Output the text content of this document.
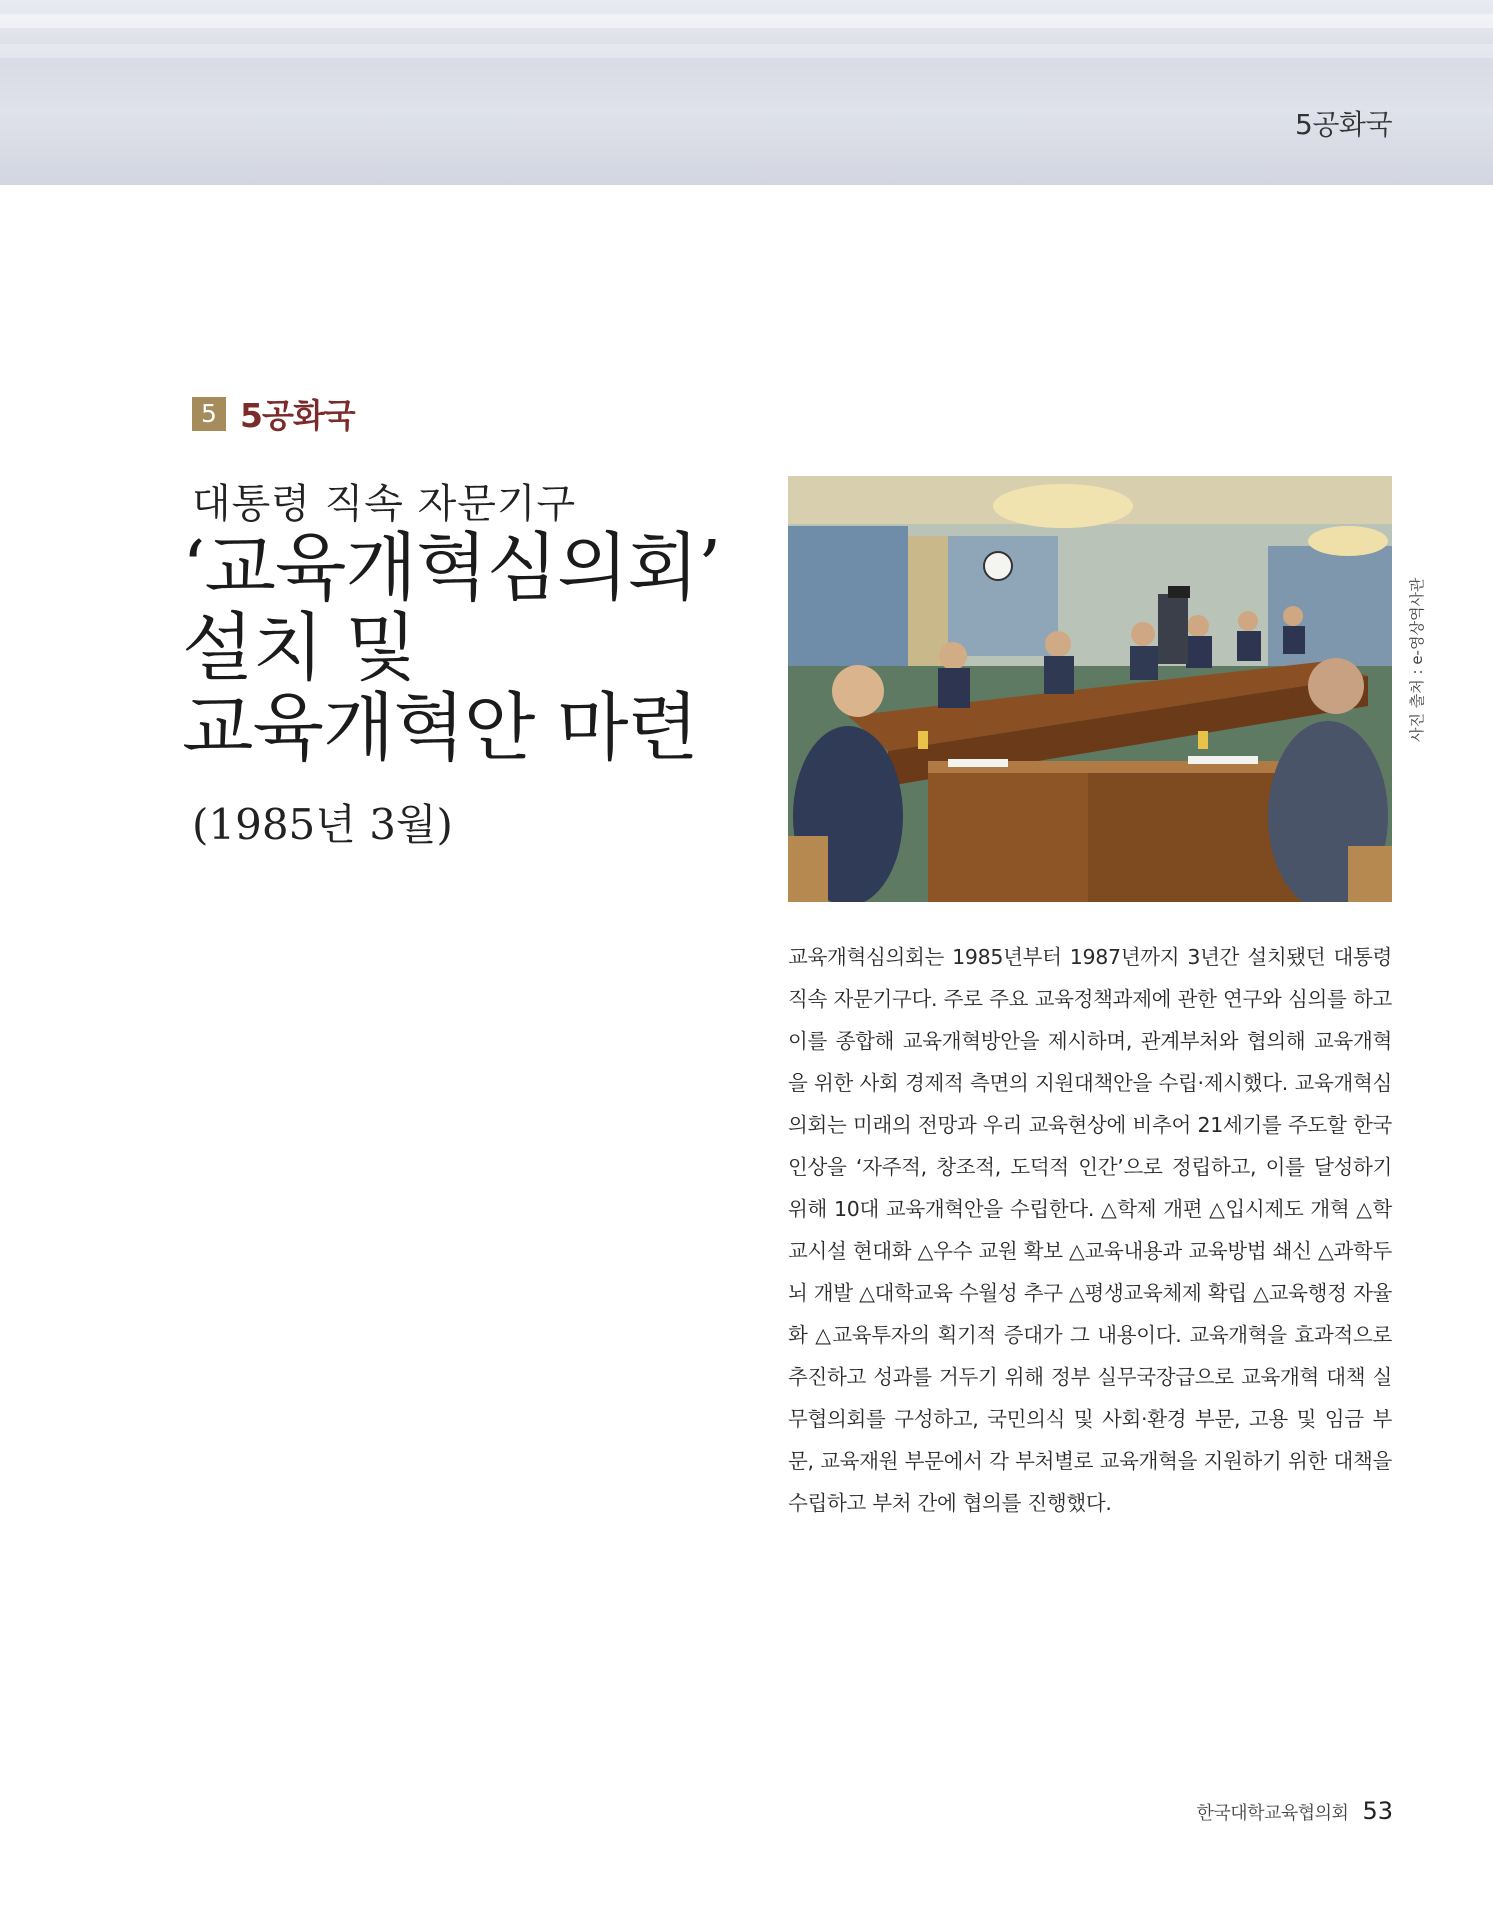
5공화국
5 5공화국
대통령 직속 자문기구
‘교육개혁심의회’
설치 및
교육개혁안 마련
(1985년 3월)
사진 출처 : e-영상역사관
교육개혁심의회는 1985년부터 1987년까지 3년간 설치됐던 대통령 직속 자문기구다. 주로 주요 교육정책과제에 관한 연구와 심의를 하고 이를 종합해 교육개혁방안을 제시하며, 관계부처와 협의해 교육개혁을 위한 사회 경제적 측면의 지원대책안을 수립·제시했다. 교육개혁심의회는 미래의 전망과 우리 교육현상에 비추어 21세기를 주도할 한국인상을 ‘자주적, 창조적, 도덕적 인간’으로 정립하고, 이를 달성하기 위해 10대 교육개혁안을 수립한다. △학제 개편 △입시제도 개혁 △학교시설 현대화 △우수 교원 확보 △교육내용과 교육방법 쇄신 △과학두뇌 개발 △대학교육 수월성 추구 △평생교육체제 확립 △교육행정 자율화 △교육투자의 획기적 증대가 그 내용이다. 교육개혁을 효과적으로 추진하고 성과를 거두기 위해 정부 실무국장급으로 교육개혁 대책 실무협의회를 구성하고, 국민의식 및 사회·환경 부문, 고용 및 임금 부문, 교육재원 부문에서 각 부처별로 교육개혁을 지원하기 위한 대책을 수립하고 부처 간에 협의를 진행했다.
한국대학교육협의회 53
